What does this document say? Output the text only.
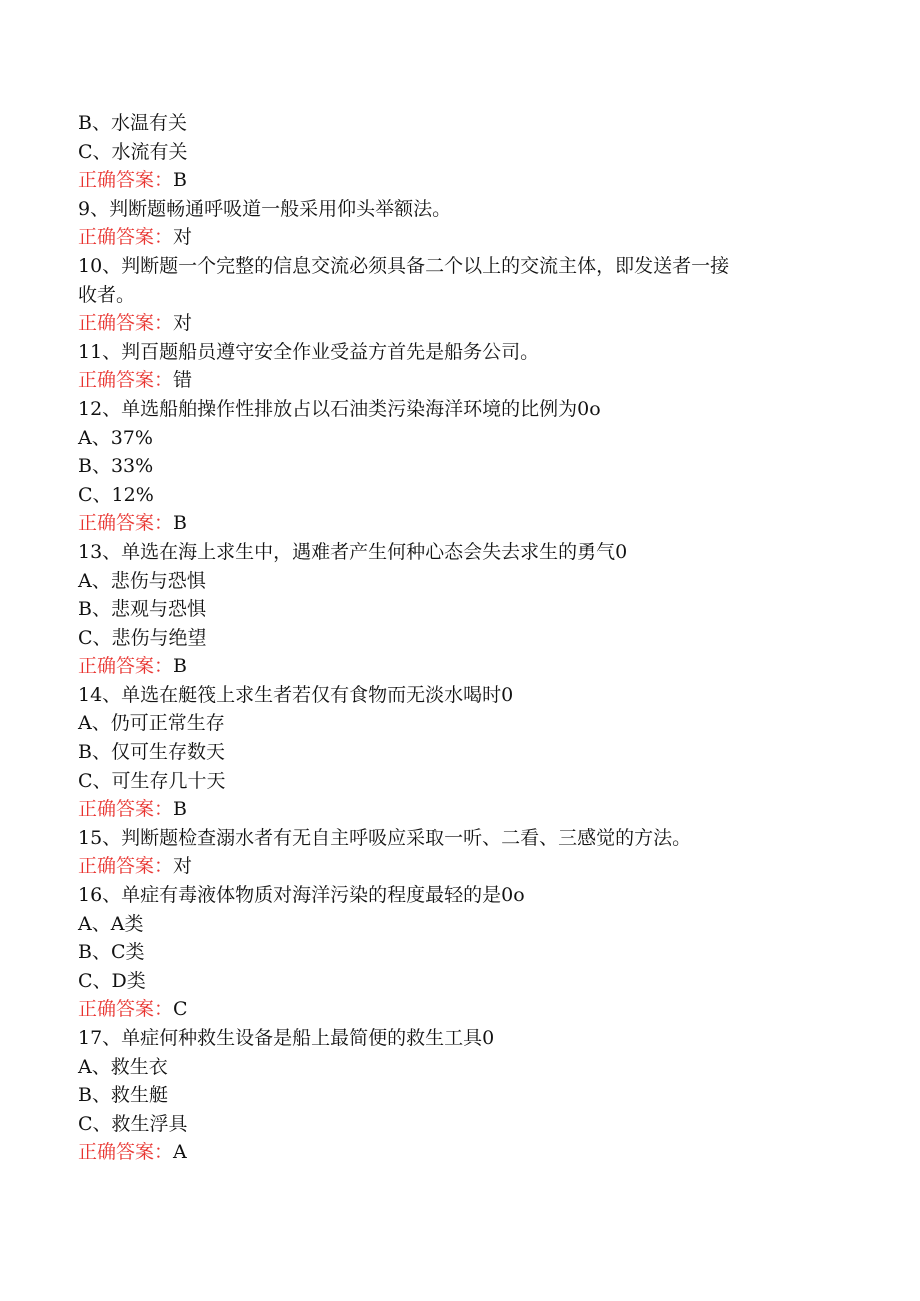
B、水温有关
C、水流有关
正确答案：B
9、判断题畅通呼吸道一般采用仰头举额法。
正确答案：对
10、判断题一个完整的信息交流必须具备二个以上的交流主体，即发送者一接
收者。
正确答案：对
11、判百题船员遵守安全作业受益方首先是船务公司。
正确答案：错
12、单选船舶操作性排放占以石油类污染海洋环境的比例为0o
A、37%
B、33%
C、12%
正确答案：B
13、单选在海上求生中，遇难者产生何种心态会失去求生的勇气0
A、悲伤与恐惧
B、悲观与恐惧
C、悲伤与绝望
正确答案：B
14、单选在艇筏上求生者若仅有食物而无淡水喝时0
A、仍可正常生存
B、仅可生存数天
C、可生存几十天
正确答案：B
15、判断题检查溺水者有无自主呼吸应采取一听、二看、三感觉的方法。
正确答案：对
16、单症有毒液体物质对海洋污染的程度最轻的是0o
A、A类
B、C类
C、D类
正确答案：C
17、单症何种救生设备是船上最简便的救生工具0
A、救生衣
B、救生艇
C、救生浮具
正确答案：A
